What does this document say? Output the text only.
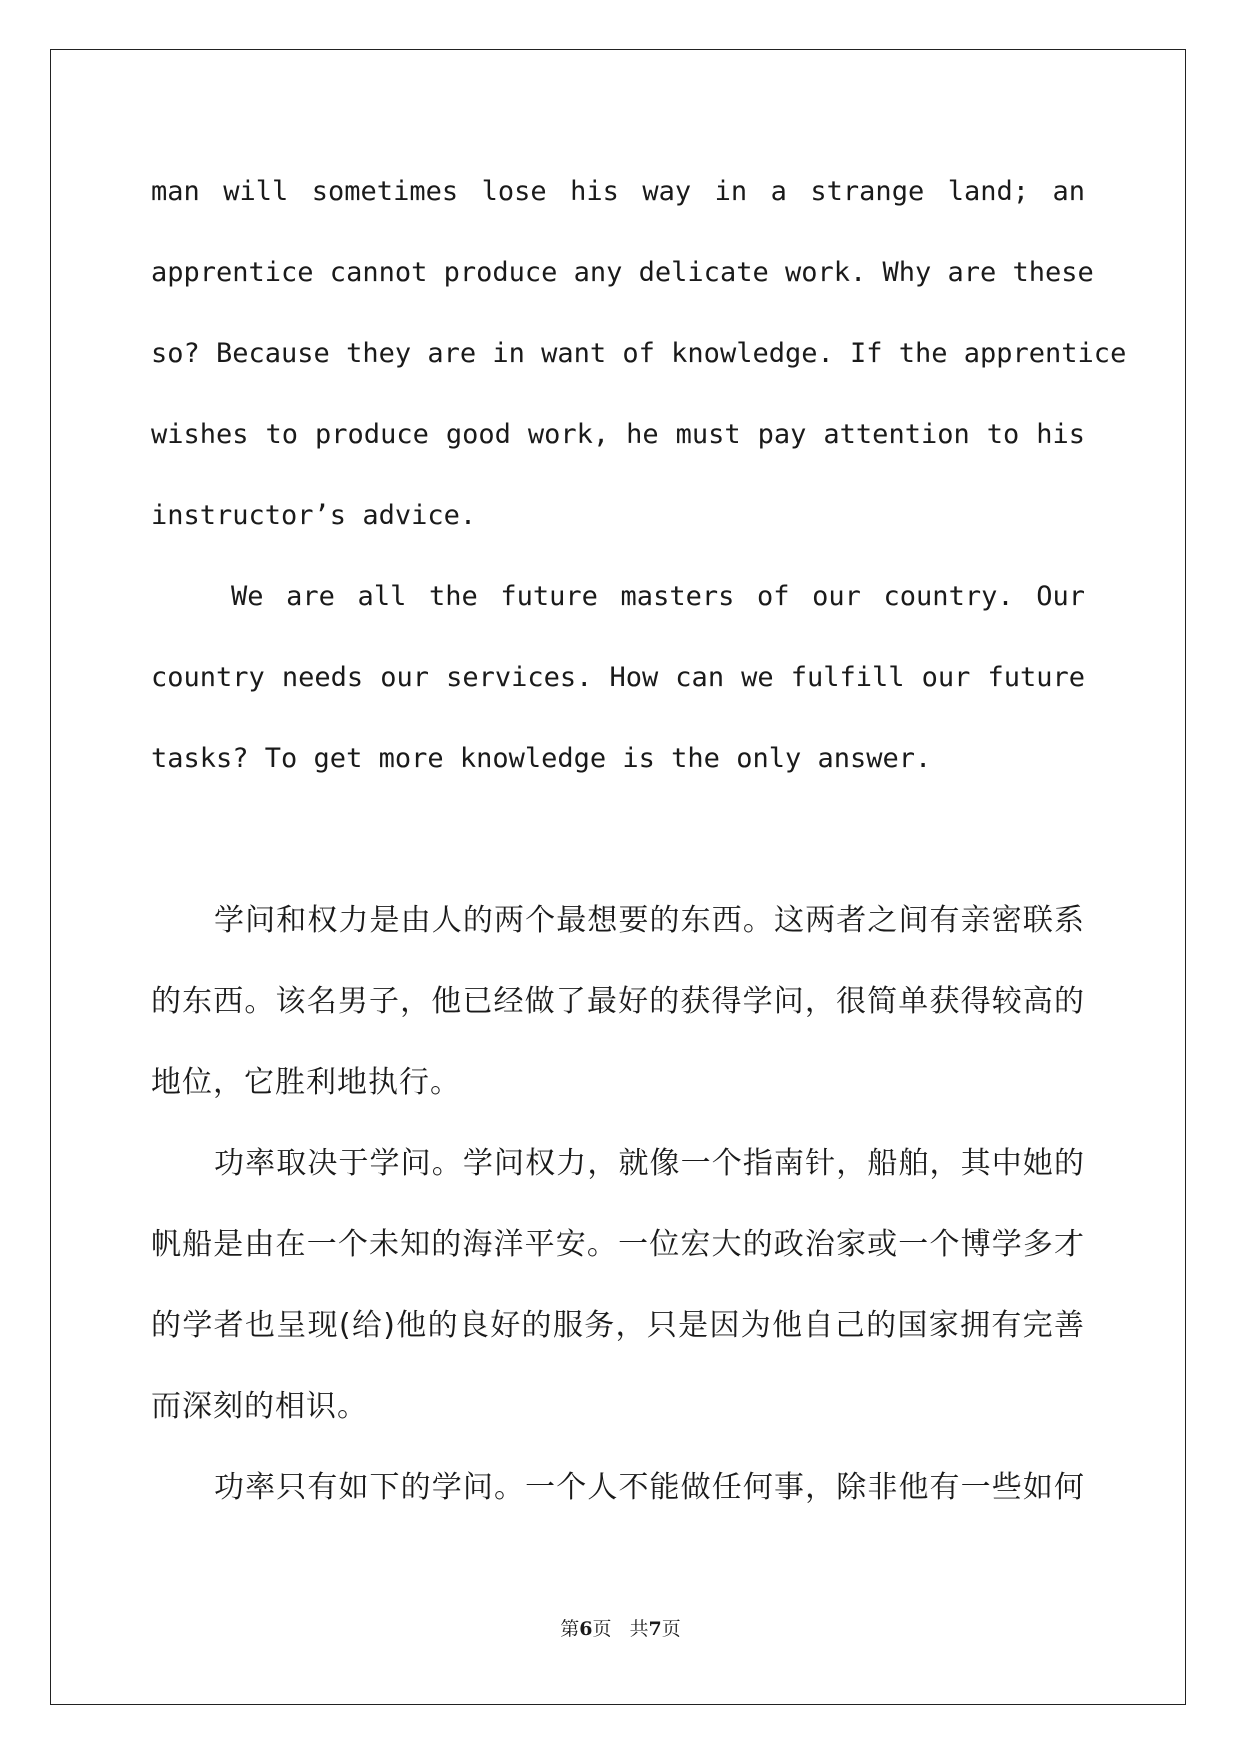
man will sometimes lose his way in a strange land; an
apprentice cannot produce any delicate work. Why are these
so? Because they are in want of knowledge. If the apprentice
wishes to produce good work, he must pay attention to his
instructor’s advice.
We are all the future masters of our country. Our
country needs our services. How can we fulfill our future
tasks? To get more knowledge is the only answer.
学问和权力是由人的两个最想要的东西。这两者之间有亲密联系
的东西。该名男子，他已经做了最好的获得学问，很简单获得较高的
地位，它胜利地执行。
功率取决于学问。学问权力，就像一个指南针，船舶，其中她的
帆船是由在一个未知的海洋平安。一位宏大的政治家或一个博学多才
的学者也呈现(给)他的良好的服务，只是因为他自己的国家拥有完善
而深刻的相识。
功率只有如下的学问。一个人不能做任何事，除非他有一些如何
第6页 共7页
